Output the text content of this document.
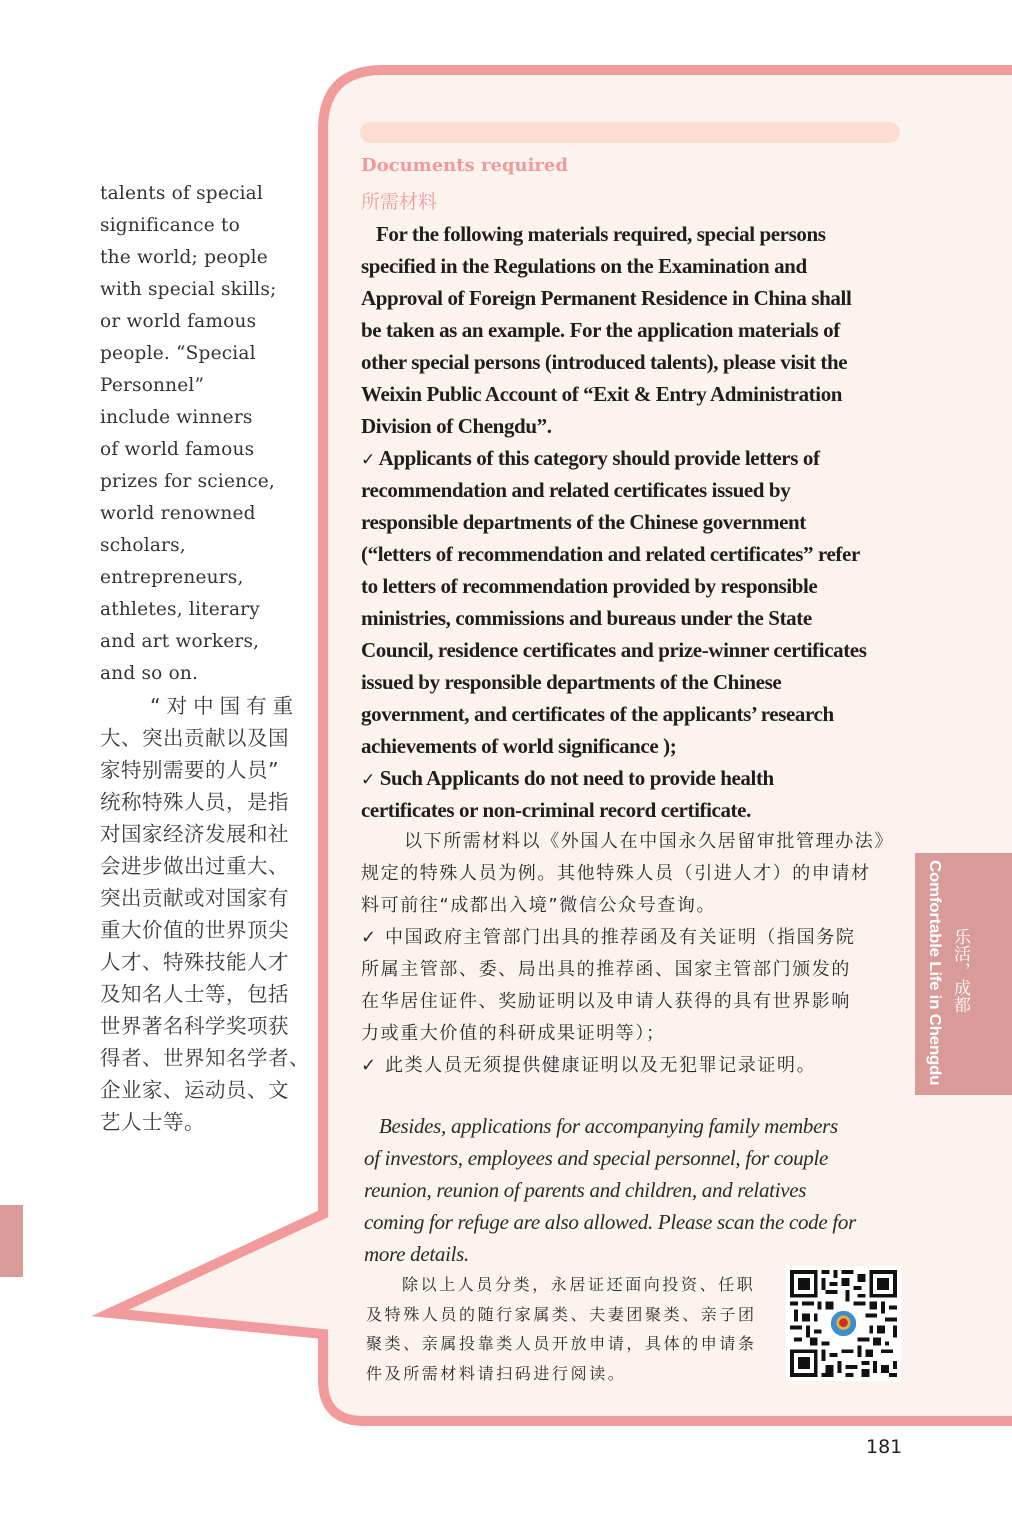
talents of special
significance to
the world; people
with special skills;
or world famous
people. “Special
Personnel”
include winners
of world famous
prizes for science,
world renowned
scholars,
entrepreneurs,
athletes, literary
and art workers,
and so on.
“对中国有重
大、突出贡献以及国
家特别需要的人员”
统称特殊人员，是指
对国家经济发展和社
会进步做出过重大、
突出贡献或对国家有
重大价值的世界顶尖
人才、特殊技能人才
及知名人士等，包括
世界著名科学奖项获
得者、世界知名学者、
企业家、运动员、文
艺人士等。
Documents required
所需材料
For the following materials required, special persons
specified in the Regulations on the Examination and
Approval of Foreign Permanent Residence in China shall
be taken as an example. For the application materials of
other special persons (introduced talents), please visit the
Weixin Public Account of “Exit & Entry Administration
Division of Chengdu”.
✓ Applicants of this category should provide letters of
recommendation and related certificates issued by
responsible departments of the Chinese government
(“letters of recommendation and related certificates” refer
to letters of recommendation provided by responsible
ministries, commissions and bureaus under the State
Council, residence certificates and prize-winner certificates
issued by responsible departments of the Chinese
government, and certificates of the applicants’ research
achievements of world significance );
✓ Such Applicants do not need to provide health
certificates or non-criminal record certificate.
以下所需材料以《外国人在中国永久居留审批管理办法》
规定的特殊人员为例。其他特殊人员（引进人才）的申请材
料可前往“成都出入境”微信公众号查询。
✓ 中国政府主管部门出具的推荐函及有关证明（指国务院
所属主管部、委、局出具的推荐函、国家主管部门颁发的
在华居住证件、奖励证明以及申请人获得的具有世界影响
力或重大价值的科研成果证明等）；
✓ 此类人员无须提供健康证明以及无犯罪记录证明。
Besides, applications for accompanying family members
of investors, employees and special personnel, for couple
reunion, reunion of parents and children, and relatives
coming for refuge are also allowed. Please scan the code for
more details.
除以上人员分类，永居证还面向投资、任职
及特殊人员的随行家属类、夫妻团聚类、亲子团
聚类、亲属投靠类人员开放申请，具体的申请条
件及所需材料请扫码进行阅读。
Comfortable Life in Chengdu 乐活，成都
181
